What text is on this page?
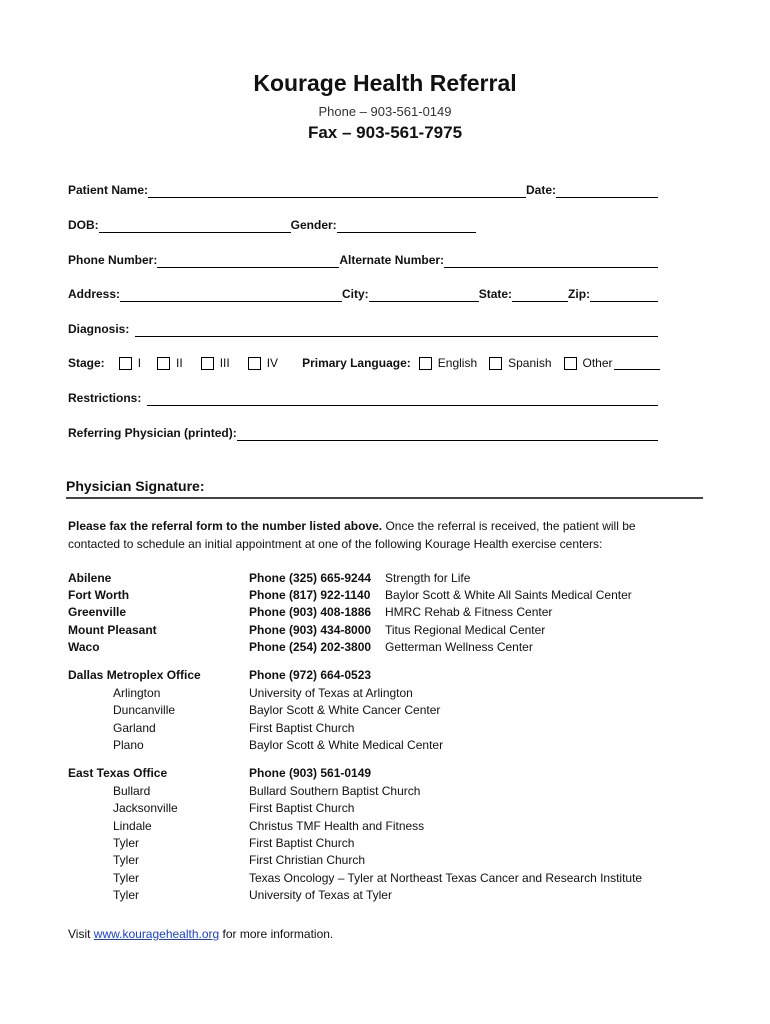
Kourage Health Referral
Phone – 903-561-0149
Fax – 903-561-7975
Patient Name:	Date:
DOB:	Gender:
Phone Number:	Alternate Number:
Address:	City:	State:	Zip:
Diagnosis:
Stage:	I	II	III	IV Primary Language: English	Spanish	Other
Restrictions:
Referring Physician (printed):
Physician Signature:
Please fax the referral form to the number listed above. Once the referral is received, the patient will be contacted to schedule an initial appointment at one of the following Kourage Health exercise centers:
Abilene	Phone (325) 665-9244 Strength for Life
Fort Worth	Phone (817) 922-1140 Baylor Scott & White All Saints Medical Center
Greenville	Phone (903) 408-1886 HMRC Rehab & Fitness Center
Mount Pleasant	Phone (903) 434-8000 Titus Regional Medical Center
Waco	Phone (254) 202-3800 Getterman Wellness Center
Dallas Metroplex Office	Phone (972) 664-0523
Arlington	University of Texas at Arlington
Duncanville	Baylor Scott & White Cancer Center
Garland	First Baptist Church
Plano	Baylor Scott & White Medical Center
East Texas Office	Phone (903) 561-0149
Bullard	Bullard Southern Baptist Church
Jacksonville	First Baptist Church
Lindale	Christus TMF Health and Fitness
Tyler	First Baptist Church
Tyler	First Christian Church
Tyler	Texas Oncology – Tyler at Northeast Texas Cancer and Research Institute
Tyler	University of Texas at Tyler
Visit www.kouragehealth.org for more information.
